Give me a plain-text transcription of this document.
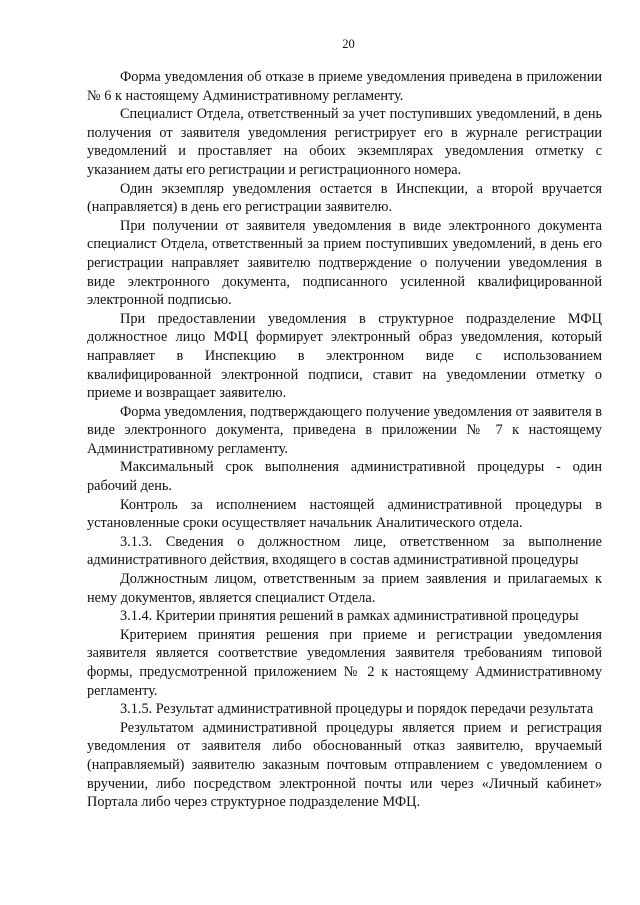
20

Форма уведомления об отказе в приеме уведомления приведена в приложении № 6 к настоящему Административному регламенту.

Специалист Отдела, ответственный за учет поступивших уведомлений, в день получения от заявителя уведомления регистрирует его в журнале регистрации уведомлений и проставляет на обоих экземплярах уведомления отметку с указанием даты его регистрации и регистрационного номера.

Один экземпляр уведомления остается в Инспекции, а второй вручается (направляется) в день его регистрации заявителю.

При получении от заявителя уведомления в виде электронного документа специалист Отдела, ответственный за прием поступивших уведомлений, в день его регистрации направляет заявителю подтверждение о получении уведомления в виде электронного документа, подписанного усиленной квалифицированной электронной подписью.

При предоставлении уведомления в структурное подразделение МФЦ должностное лицо МФЦ формирует электронный образ уведомления, который направляет в Инспекцию в электронном виде с использованием квалифицированной электронной подписи, ставит на уведомлении отметку о приеме и возвращает заявителю.

Форма уведомления, подтверждающего получение уведомления от заявителя в виде электронного документа, приведена в приложении № 7 к настоящему Административному регламенту.

Максимальный срок выполнения административной процедуры - один рабочий день.

Контроль за исполнением настоящей административной процедуры в установленные сроки осуществляет начальник Аналитического отдела.

3.1.3. Сведения о должностном лице, ответственном за выполнение административного действия, входящего в состав административной процедуры

Должностным лицом, ответственным за прием заявления и прилагаемых к нему документов, является специалист Отдела.

3.1.4. Критерии принятия решений в рамках административной процедуры

Критерием принятия решения при приеме и регистрации уведомления заявителя является соответствие уведомления заявителя требованиям типовой формы, предусмотренной приложением № 2 к настоящему Административному регламенту.

3.1.5. Результат административной процедуры и порядок передачи результата

Результатом административной процедуры является прием и регистрация уведомления от заявителя либо обоснованный отказ заявителю, вручаемый (направляемый) заявителю заказным почтовым отправлением с уведомлением о вручении, либо посредством электронной почты или через «Личный кабинет» Портала либо через структурное подразделение МФЦ.
